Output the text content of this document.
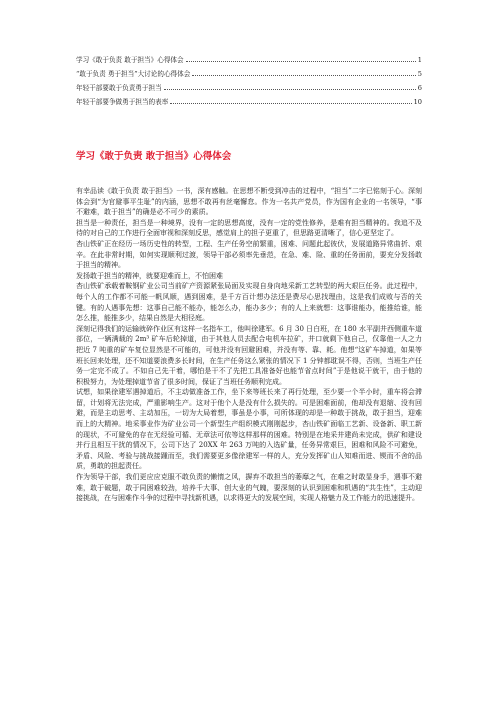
学习《敢于负责 敢于担当》心得体会	1
“敢于负责 勇于担当”大讨论的心得体会	5
年轻干部要敢于负责勇于担当	6
年轻干部要争做勇于担当的表率	10
学习《敢于负责 敢于担当》心得体会

有幸品读《敢于负责 敢于担当》一书，深有感触。在思想不断受到冲击的过程中，“担当”二字已铭刻于心。深刻体会到“为官避事平生耻”的内涵，思想不敢再有丝毫懈怠。作为一名共产党员，作为国有企业的一名领导，“事不避难，敢于担当”的确是必不可少的素质。

担当是一种责任，担当是一种境界，没有一定的思想高度，没有一定的党性修养，是难有担当精神的。我追不及待的对自己的工作进行全面审视和深刻反思，感觉肩上的担子更重了，但思路更清晰了，信心更坚定了。

杏山铁矿正在经历一场历史性的转型，工程、生产任务空前繁重，困难、问题此起彼伏，发展道路异常曲折、艰辛。在此非常时期，如何实现顺利过渡，领导干部必须率先垂范，在急、难、险、重的任务面前，要充分发扬敢于担当的精神。

发扬敢于担当的精神，就要迎难而上，不怕困难

杏山铁矿承载着鞍钢矿业公司当前矿产资源紧张局面及实现自身向地采新工艺转型的两大艰巨任务。此过程中，每个人的工作都不可能一帆风顺，遇到困难，是千方百计想办法还是费尽心思找理由，这是我们成败与否的关键。有的人遇事先想：这事自己能不能办，能怎么办，能办多少；有的人上来就想：这事谁能办，能推给谁，能怎么推，能推多少，结果自然是大相径庭。

深刻记得我们的运输就碎作业区有这样一名指车工，他叫徐建军。6 月 30 日白班，在 180 水平副井西侧重车道部位，一辆满载的 2m³ 矿车后轮掉道，由于其他人员去配合电机车拉矿，井口就剩下他自己，仅靠他一人之力把近 7 吨重的矿车复位显然是不可能的，可他并没有回避困难，并没有等、靠、耗。他想“这矿车掉道，如果等班长回来处理，还不知道要浪费多长时间，在生产任务这么紧张的情况下 1 分钟都耽误不得，否则，当班生产任务一定完不成了。不如自己先干着，哪怕是干不了先把工具准备好也能节省点时间”于是他说干就干，由于他的积极努力，为处理掉道节省了很多时间，保证了当班任务顺利完成。

试想，如果徐建军遇掉道后，不主动做准备工作，坐下来等班长来了再行处理，至少要一个半小时，重车将会滞留，计划将无法完成，严重影响生产。这对于他个人是没有什么损失的。可是困难面前，他却没有退缩、没有回避，而是主动思考、主动加压，一切为大局着想，事虽是小事，可所体现的却是一种敢于挑战，敢于担当，迎难而上的大精神。地采事业作为矿业公司一个新型生产组织模式刚刚起步，杏山铁矿面临工艺新、设备新、职工新的现状，不可避免的存在无经验可循、无章法可依等这样那样的困难。特别是在地采井建尚未完成，供矿和建设并行且相互干扰的情况下，公司下达了 20XX 年 263 万吨的入选矿量，任务异常艰巨，困难和风险不可避免，矛盾、风险、考验与挑战接踵而至，我们需要更多像徐建军一样的人，充分发挥矿山人知难而进、锲而不舍的品质，勇敢的担起责任。

作为领导干部，我们更应应克服不敢负责的懒惰之风，摒弃不敢担当的萎靡之气，在难之时敢显身手，遇事不避难，敢于破题，敢于同困难较劲，培养千大事、创大业的气魄，要深刻的认识到困难和机遇的“共生性”，主动迎接挑战，在与困难作斗争的过程中寻找新机遇，以求得更大的发展空间，实现人格魅力及工作能力的迅速提升。
